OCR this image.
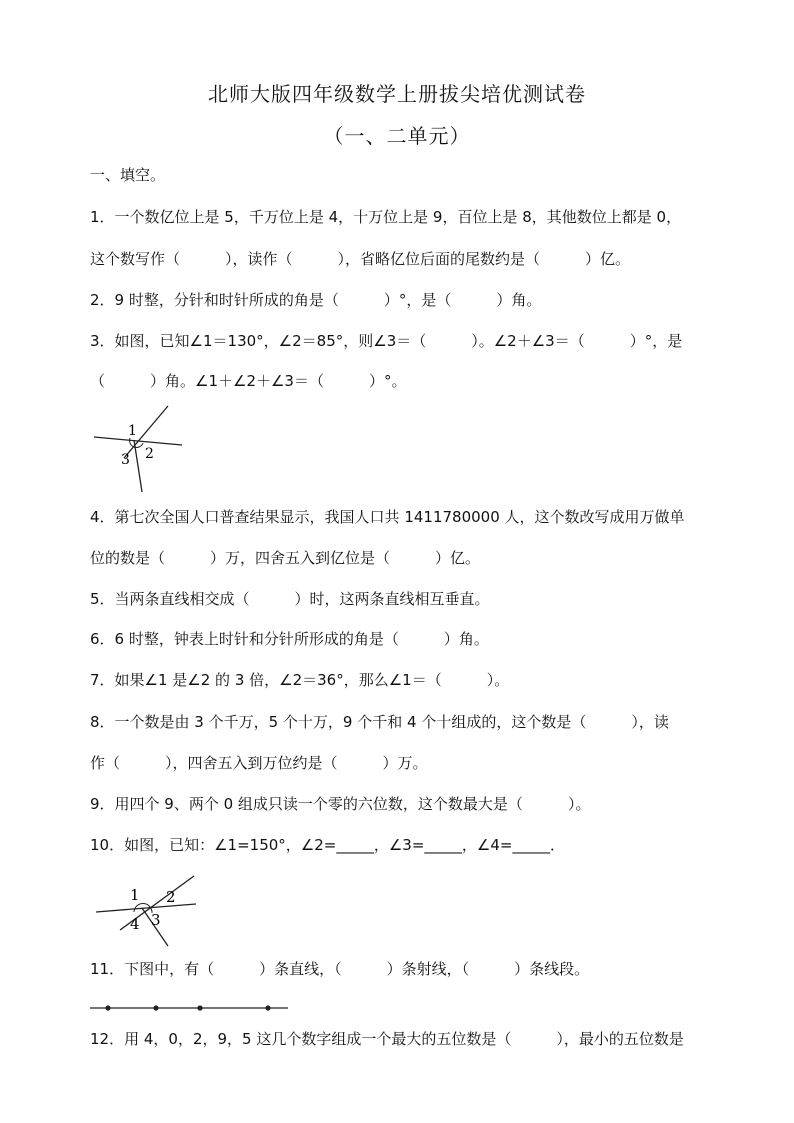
北师大版四年级数学上册拔尖培优测试卷
（一、二单元）
一、填空。
1．一个数亿位上是 5，千万位上是 4，十万位上是 9，百位上是 8，其他数位上都是 0，
这个数写作（　　　），读作（　　　），省略亿位后面的尾数约是（　　　）亿。
2．9 时整，分针和时针所成的角是（　　　）°，是（　　　）角。
3．如图，已知∠1＝130°，∠2＝85°，则∠3＝（　　　）。∠2＋∠3＝（　　　）°，是
（　　　）角。∠1＋∠2＋∠3＝（　　　）°。
1
2
3
4．第七次全国人口普查结果显示，我国人口共 1411780000 人，这个数改写成用万做单
位的数是（　　　）万，四舍五入到亿位是（　　　）亿。
5．当两条直线相交成（　　　）时，这两条直线相互垂直。
6．6 时整，钟表上时针和分针所形成的角是（　　　）角。
7．如果∠1 是∠2 的 3 倍，∠2＝36°，那么∠1＝（　　　）。
8．一个数是由 3 个千万，5 个十万，9 个千和 4 个十组成的，这个数是（　　　），读
作（　　　），四舍五入到万位约是（　　　）万。
9．用四个 9、两个 0 组成只读一个零的六位数，这个数最大是（　　　）。
10．如图，已知：∠1=150°，∠2=_____，∠3=_____，∠4=_____．
1 2
3
4
11．下图中，有（　　　）条直线，（　　　）条射线，（　　　）条线段。
12．用 4，0，2，9，5 这几个数字组成一个最大的五位数是（　　　），最小的五位数是
